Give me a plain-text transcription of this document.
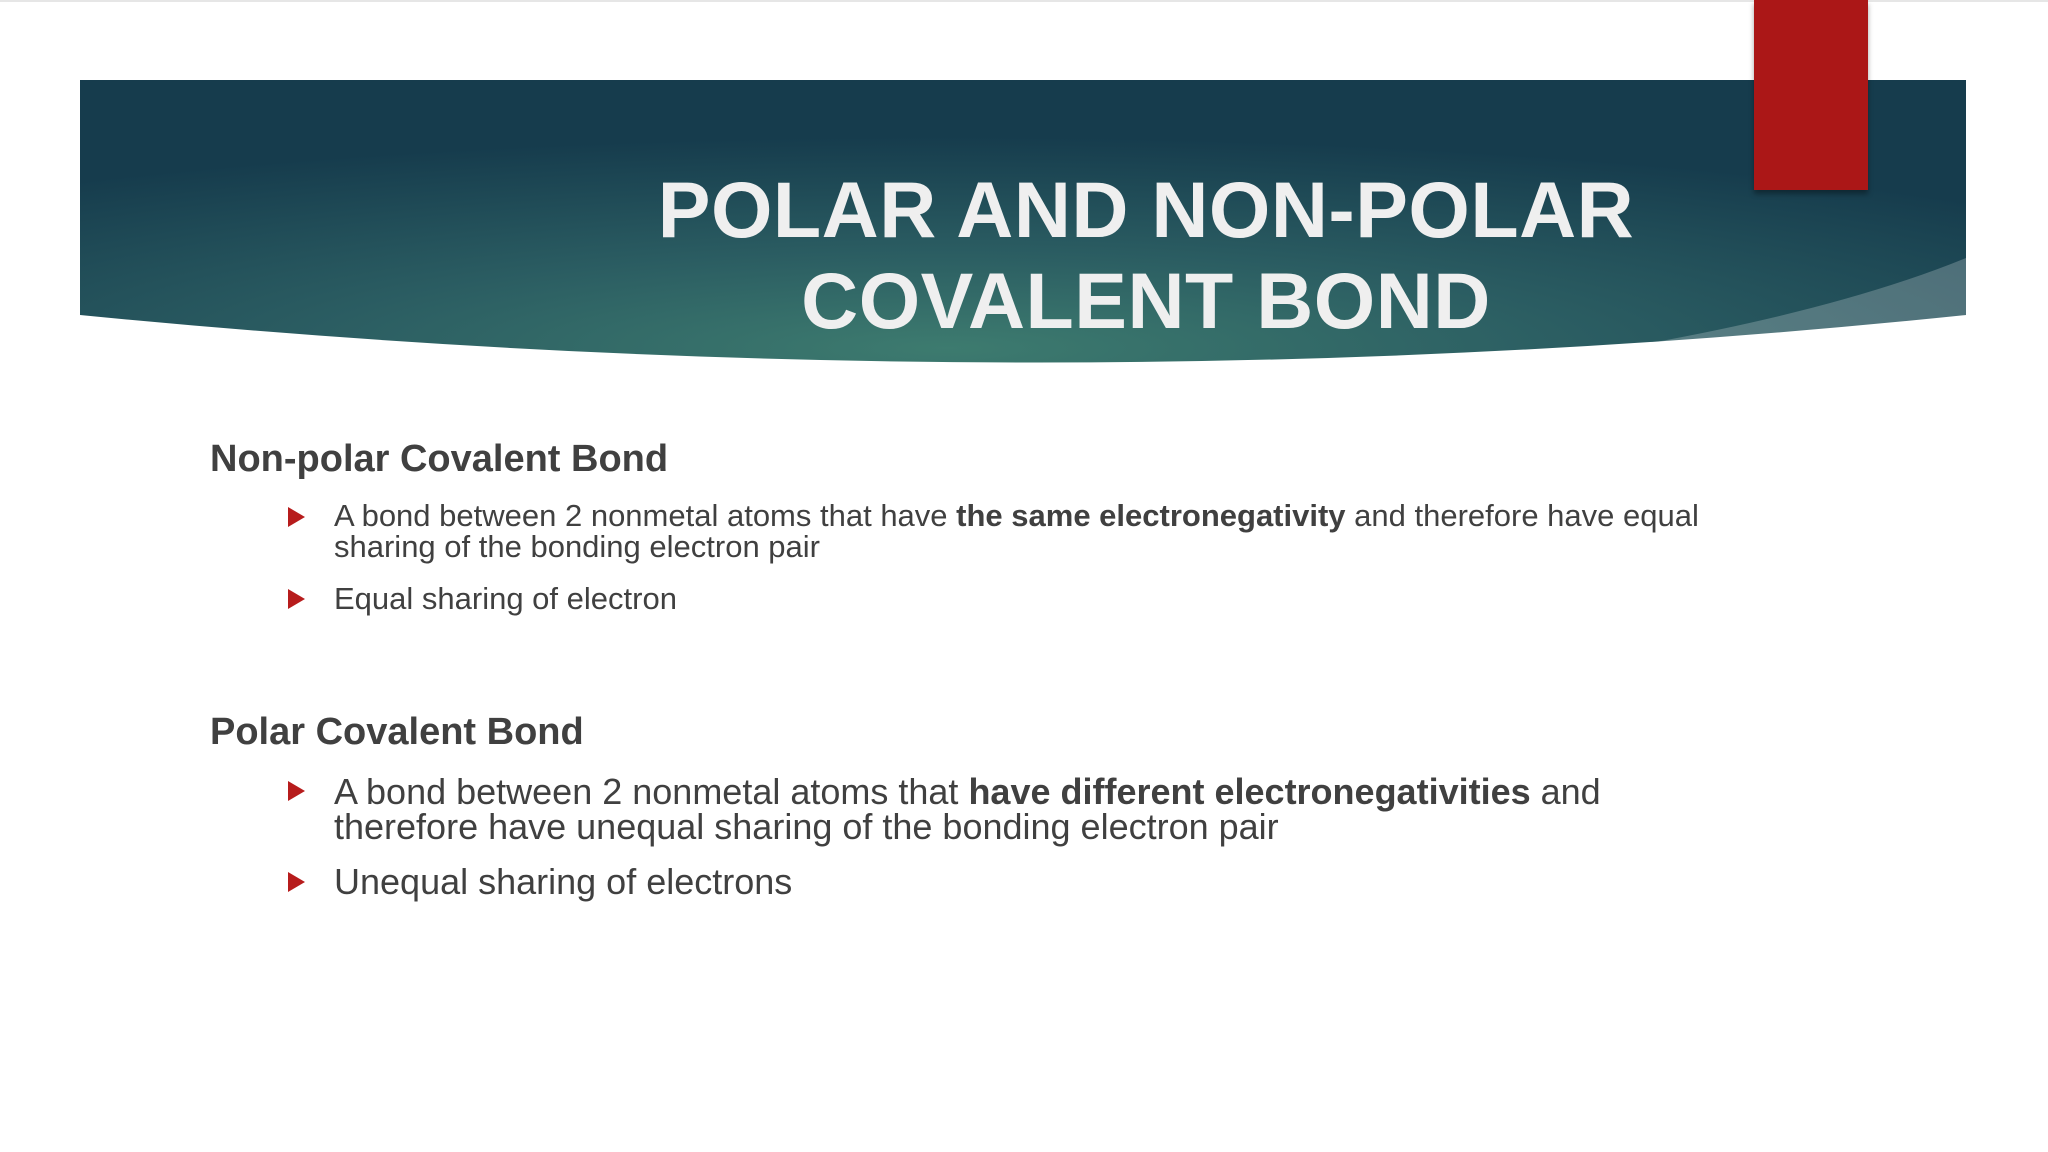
POLAR AND NON-POLAR COVALENT BOND
Non-polar Covalent Bond
A bond between 2 nonmetal atoms that have the same electronegativity and therefore have equal sharing of the bonding electron pair
Equal sharing of electron
Polar Covalent Bond
A bond between 2 nonmetal atoms that have different electronegativities and therefore have unequal sharing of the bonding electron pair
Unequal sharing of electrons
